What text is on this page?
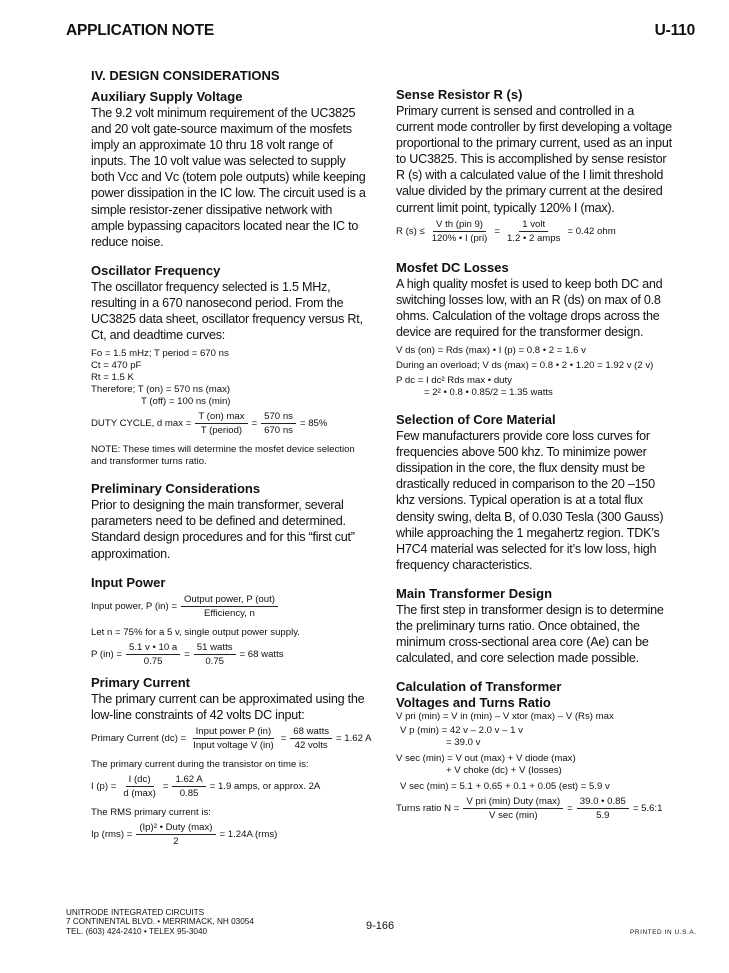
APPLICATION NOTE	U-110
IV. DESIGN CONSIDERATIONS
Auxiliary Supply Voltage

The 9.2 volt minimum requirement of the UC3825 and 20 volt gate-source maximum of the mosfets imply an approximate 10 thru 18 volt range of inputs. The 10 volt value was selected to supply both Vcc and Vc (totem pole outputs) while keeping power dissipation in the IC low. The circuit used is a simple resistor-zener dissipative network with ample bypassing capacitors located near the IC to reduce noise.

Oscillator Frequency

The oscillator frequency selected is 1.5 MHz, resulting in a 670 nanosecond period. From the UC3825 data sheet, oscillator frequency versus Rt, Ct, and deadtime curves:

Fo = 1.5 mHz; T period = 670 ns

Ct = 470 pF

Rt = 1.5 K

Therefore; T (on) = 570 ns (max)

T (off) = 100 ns (min)

DUTY CYCLE, d $\max = \frac{T (on) \max}{\text{T (period)}} = \frac{570 ns}{670 ns} = 85\%$

NOTE: These times will determine the mosfet device selection and transformer turns ratio.

Preliminary Considerations

Prior to designing the main transformer, several parameters need to be defined and determined. Standard design procedures and for this “first cut” approximation.

Input Power
Input power, P $(in) = \frac{\text{Output power, P (out)}}{\text{Efficiency, n}}$

Let n = 75% for a 5 v, single output power supply.

P $(in) = \frac{5.1 v • 10 a}{0.75} = \frac{\text{51 watts}}{0.75} = 68$ watts
Primary Current

The primary current can be approximated using the low-line constraints of 42 volts DC input:

Primary Current $(dc) = \frac{\text{Input power P (in)}}{\text{Input voltage V (in)}} = \frac{\text{68 watts}}{\text{42 volts}} = 1.62$ A

The primary current during the transistor on time is:

I $(p) = \frac{I (dc)}{d (\max)} = \frac{1.62 A}{0.85} = 1.9$ amps, or approx. 2A

The RMS primary current is:

Ip $(rms) = \frac{\text{(Ip)² • Duty (max)}}{2} = 1.24A$ (rms)
Sense Resistor R (s)

Primary current is sensed and controlled in a current mode controller by first developing a voltage proportional to the primary current, used as an input to UC3825. This is accomplished by sense resistor R (s) with a calculated value of the I limit threshold value divided by the primary current at the desired current limit point, typically 120% I (max).

R $(s) \le \frac{\text{V th (pin 9)}}{\text{120\% • I (pri)}} = \frac{\text{1 volt}}{\text{1.2 • 2 amps}} = 0.42$ ohm
Mosfet DC Losses

A high quality mosfet is used to keep both DC and switching losses low, with an R (ds) on max of 0.8 ohms. Calculation of the voltage drops across the device are required for the transformer design.

V ds (on) = Rds (max) • I (p) = 0.8 • 2 = 1.6 v

During an overload; V ds (max) = 0.8 • 2 • 1.20 = 1.92 v (2 v)

P dc = I dc² Rds max • duty

= 2² • 0.8 • 0.85/2 = 1.35 watts

Selection of Core Material

Few manufacturers provide core loss curves for frequencies above 500 khz. To minimize power dissipation in the core, the flux density must be drastically reduced in comparison to the 20 –150 khz versions. Typical operation is at a total flux density swing, delta B, of 0.030 Tesla (300 Gauss) while approaching the 1 megahertz region. TDK’s H7C4 material was selected for it’s low loss, high frequency characteristics.

Main Transformer Design

The first step in transformer design is to determine the preliminary turns ratio. Once obtained, the minimum cross-sectional area core (Ae) can be calculated, and core selection made possible.

Calculation of Transformer
Voltages and Turns Ratio

V pri (min) = V in (min) – V xtor (max) – V (Rs) max

V p (min) = 42 v – 2.0 v – 1 v

= 39.0 v

V sec (min) = V out (max) + V diode (max)

+ V choke (dc) + V (losses)

V sec (min) = 5.1 + 0.65 + 0.1 + 0.05 (est) = 5.9 v

Turns ratio $N = \frac{\text{V pri (min) Duty (max)}}{\text{V sec (min)}} = \frac{39.0 • 0.85}{5.9}$ = 5.6:1
UNITRODE INTEGRATED CIRCUITS
7 CONTINENTAL BLVD. • MERRIMACK, NH 03054
TEL. (603) 424-2410 • TELEX 95-3040	9-166
PRINTED IN U.S.A.
